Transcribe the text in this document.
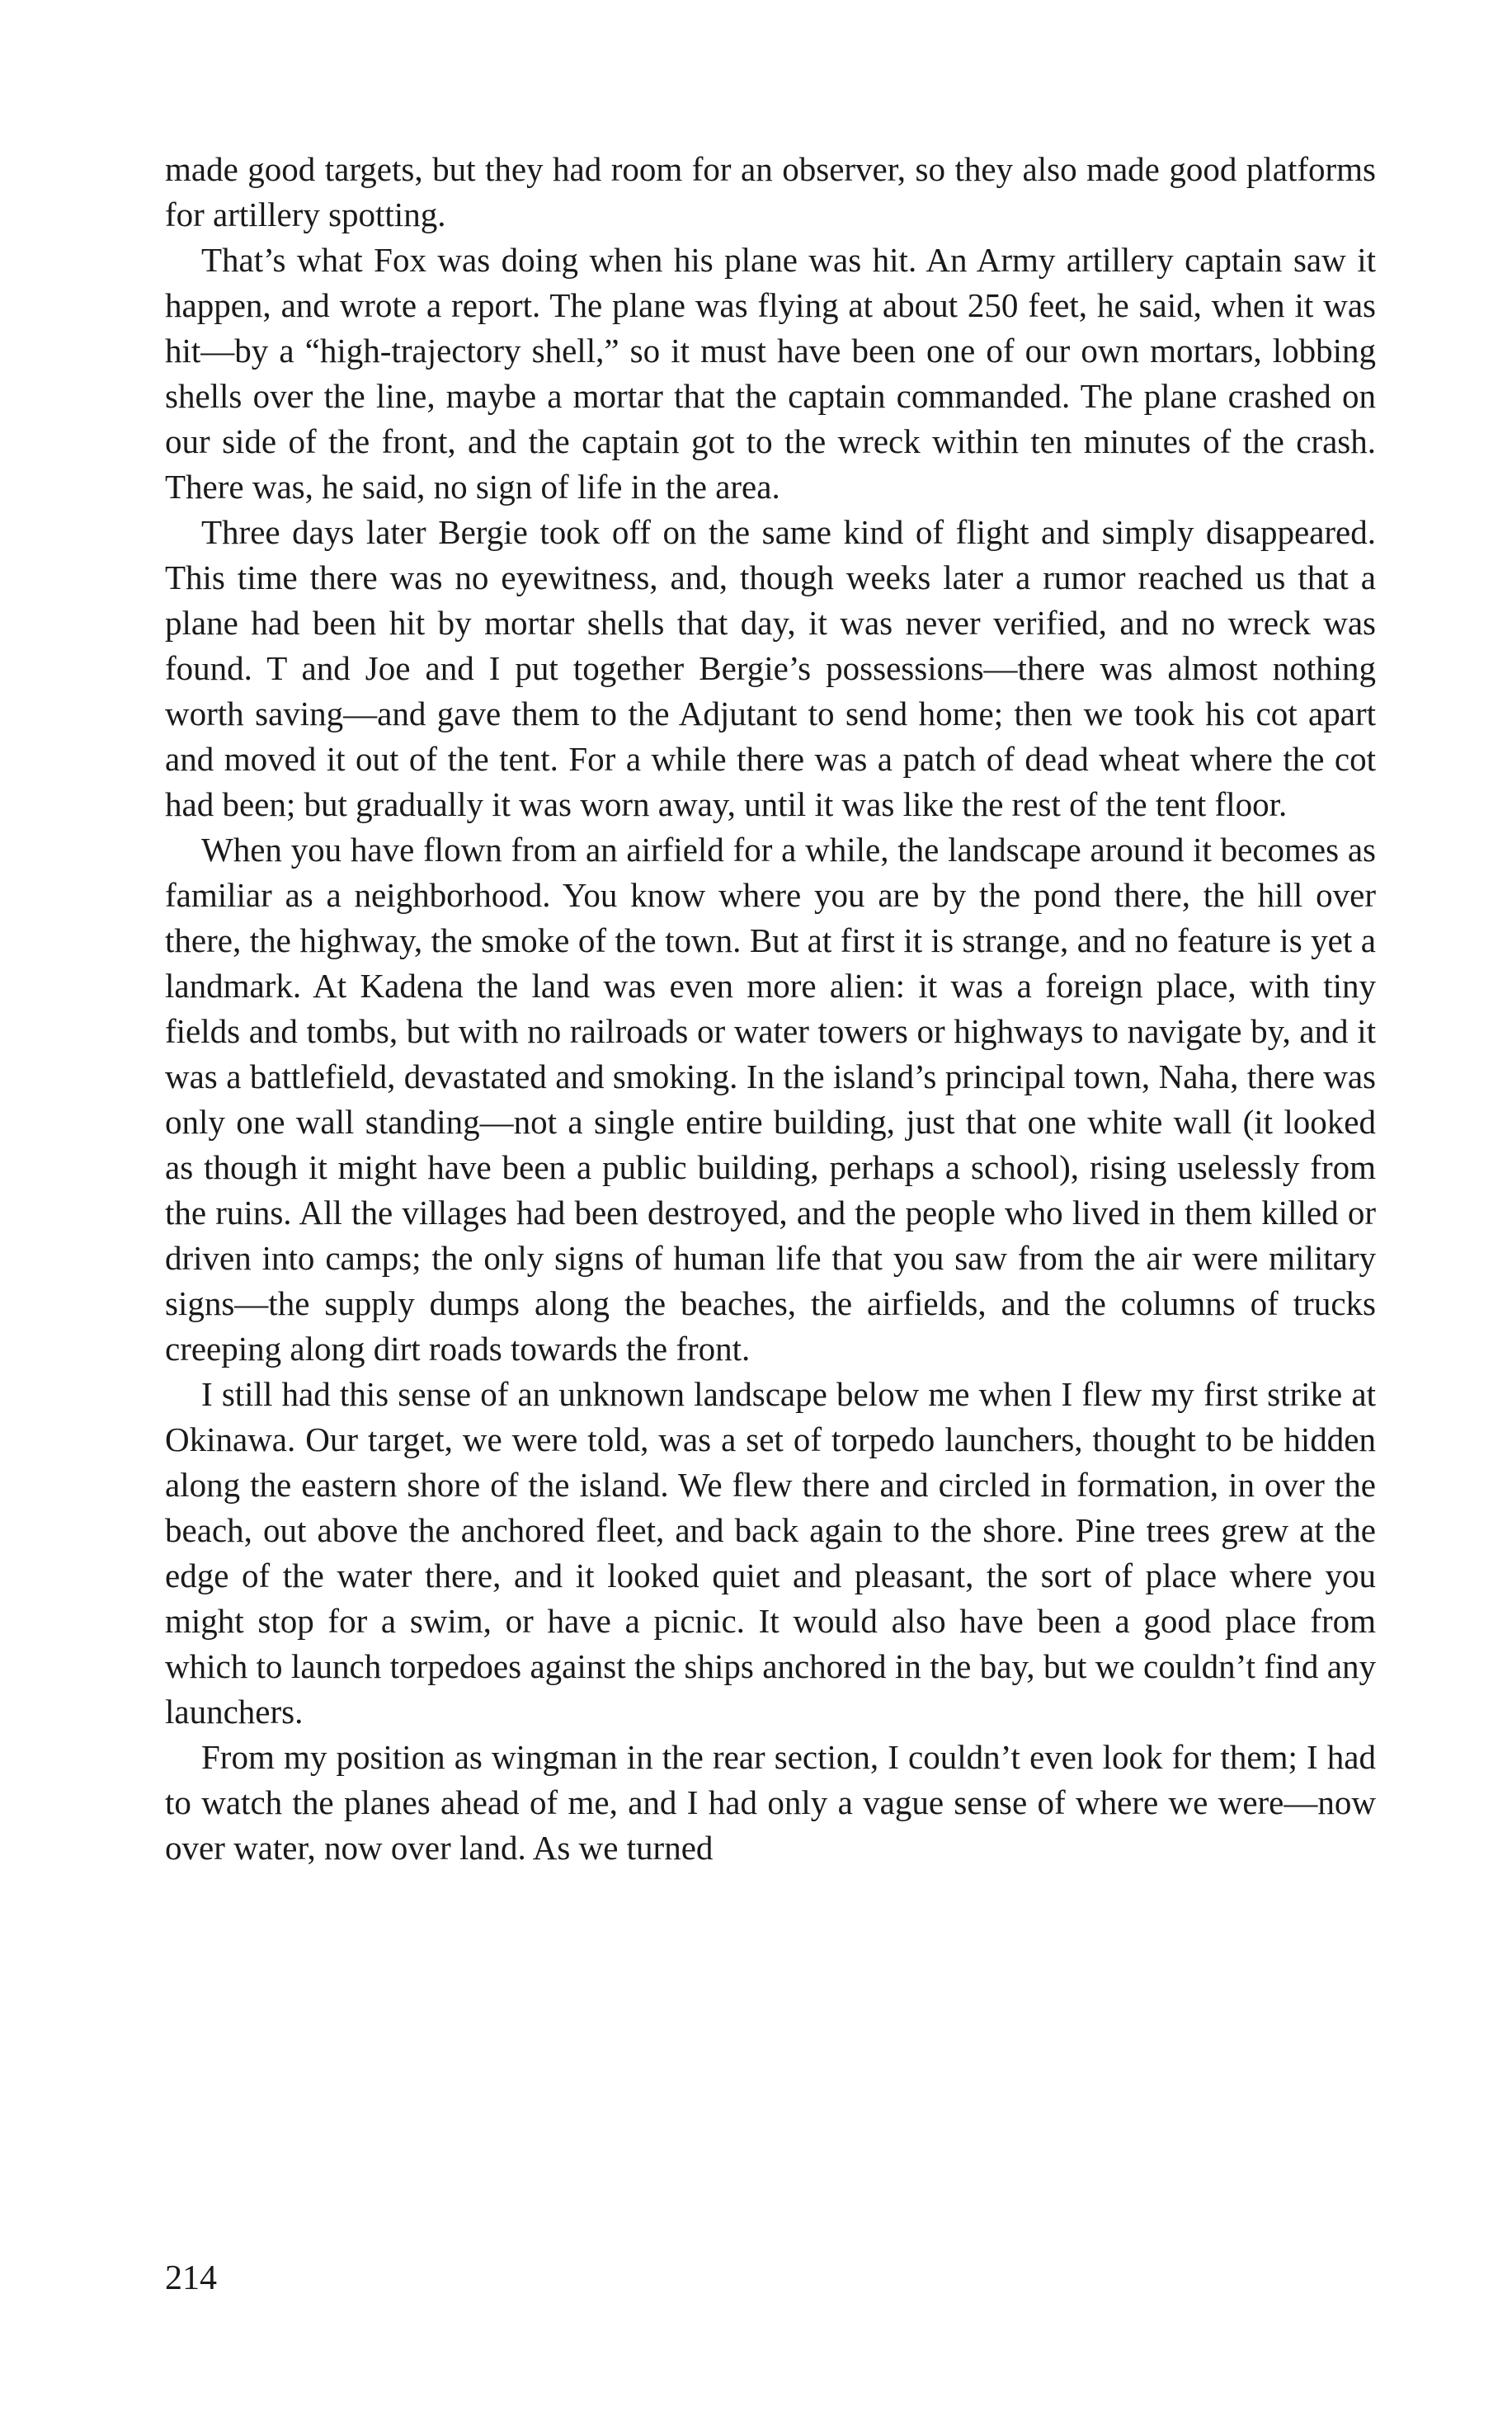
made good targets, but they had room for an observer, so they also made good platforms for artillery spotting.

That’s what Fox was doing when his plane was hit. An Army artillery captain saw it happen, and wrote a report. The plane was flying at about 250 feet, he said, when it was hit—by a “high-trajectory shell,” so it must have been one of our own mortars, lobbing shells over the line, maybe a mortar that the captain commanded. The plane crashed on our side of the front, and the captain got to the wreck within ten minutes of the crash. There was, he said, no sign of life in the area.

Three days later Bergie took off on the same kind of flight and simply disappeared. This time there was no eyewitness, and, though weeks later a rumor reached us that a plane had been hit by mortar shells that day, it was never verified, and no wreck was found. T and Joe and I put together Bergie’s possessions—there was almost nothing worth saving—and gave them to the Adjutant to send home; then we took his cot apart and moved it out of the tent. For a while there was a patch of dead wheat where the cot had been; but gradually it was worn away, until it was like the rest of the tent floor.

When you have flown from an airfield for a while, the landscape around it becomes as familiar as a neighborhood. You know where you are by the pond there, the hill over there, the highway, the smoke of the town. But at first it is strange, and no feature is yet a landmark. At Kadena the land was even more alien: it was a foreign place, with tiny fields and tombs, but with no railroads or water towers or highways to navigate by, and it was a battlefield, devastated and smoking. In the island’s principal town, Naha, there was only one wall standing—not a single entire building, just that one white wall (it looked as though it might have been a public building, perhaps a school), rising uselessly from the ruins. All the villages had been destroyed, and the people who lived in them killed or driven into camps; the only signs of human life that you saw from the air were military signs—the supply dumps along the beaches, the airfields, and the columns of trucks creeping along dirt roads towards the front.

I still had this sense of an unknown landscape below me when I flew my first strike at Okinawa. Our target, we were told, was a set of torpedo launchers, thought to be hidden along the eastern shore of the island. We flew there and circled in formation, in over the beach, out above the anchored fleet, and back again to the shore. Pine trees grew at the edge of the water there, and it looked quiet and pleasant, the sort of place where you might stop for a swim, or have a picnic. It would also have been a good place from which to launch torpedoes against the ships anchored in the bay, but we couldn’t find any launchers.

From my position as wingman in the rear section, I couldn’t even look for them; I had to watch the planes ahead of me, and I had only a vague sense of where we were—now over water, now over land. As we turned

214
